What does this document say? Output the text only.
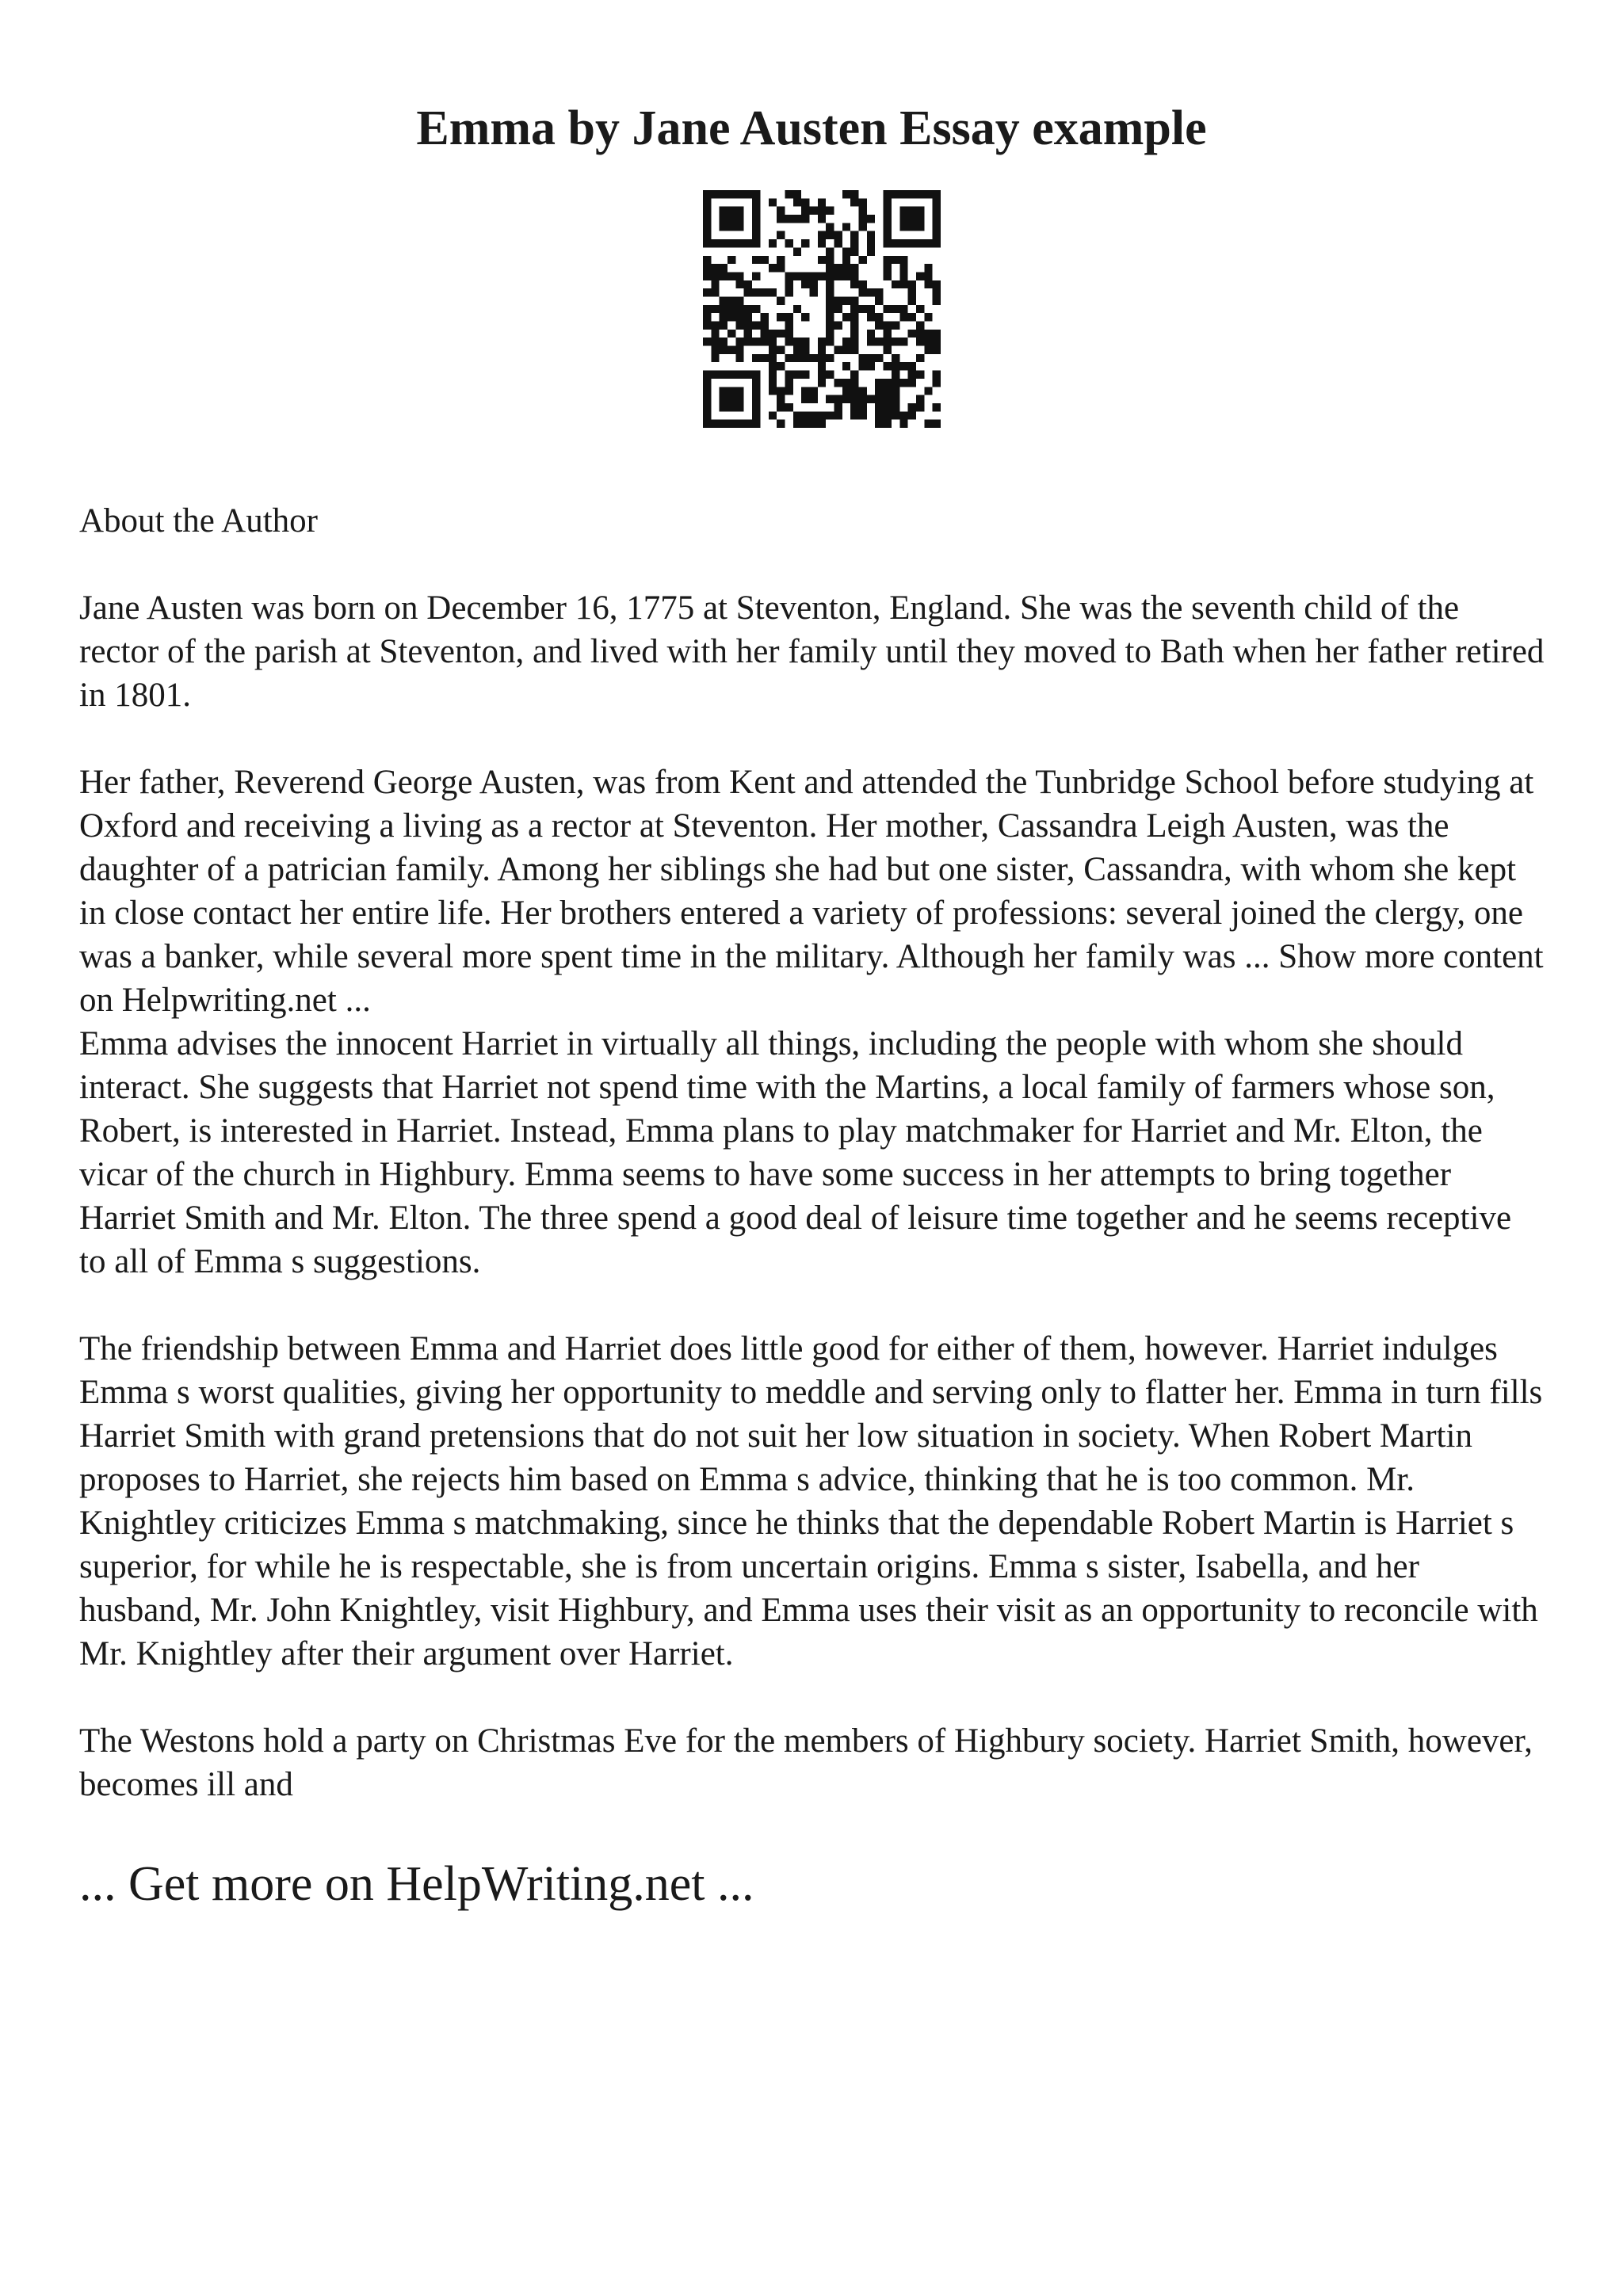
Emma by Jane Austen Essay example

About the Author

Jane Austen was born on December 16, 1775 at Steventon, England. She was the seventh child of the rector of the parish at Steventon, and lived with her family until they moved to Bath when her father retired in 1801.

Her father, Reverend George Austen, was from Kent and attended the Tunbridge School before studying at Oxford and receiving a living as a rector at Steventon. Her mother, Cassandra Leigh Austen, was the daughter of a patrician family. Among her siblings she had but one sister, Cassandra, with whom she kept in close contact her entire life. Her brothers entered a variety of professions: several joined the clergy, one was a banker, while several more spent time in the military. Although her family was ... Show more content on Helpwriting.net ...

Emma advises the innocent Harriet in virtually all things, including the people with whom she should interact. She suggests that Harriet not spend time with the Martins, a local family of farmers whose son, Robert, is interested in Harriet. Instead, Emma plans to play matchmaker for Harriet and Mr. Elton, the vicar of the church in Highbury. Emma seems to have some success in her attempts to bring together Harriet Smith and Mr. Elton. The three spend a good deal of leisure time together and he seems receptive to all of Emma s suggestions.

The friendship between Emma and Harriet does little good for either of them, however. Harriet indulges Emma s worst qualities, giving her opportunity to meddle and serving only to flatter her. Emma in turn fills Harriet Smith with grand pretensions that do not suit her low situation in society. When Robert Martin proposes to Harriet, she rejects him based on Emma s advice, thinking that he is too common. Mr. Knightley criticizes Emma s matchmaking, since he thinks that the dependable Robert Martin is Harriet s superior, for while he is respectable, she is from uncertain origins. Emma s sister, Isabella, and her husband, Mr. John Knightley, visit Highbury, and Emma uses their visit as an opportunity to reconcile with Mr. Knightley after their argument over Harriet.

The Westons hold a party on Christmas Eve for the members of Highbury society. Harriet Smith, however, becomes ill and

... Get more on HelpWriting.net ...
